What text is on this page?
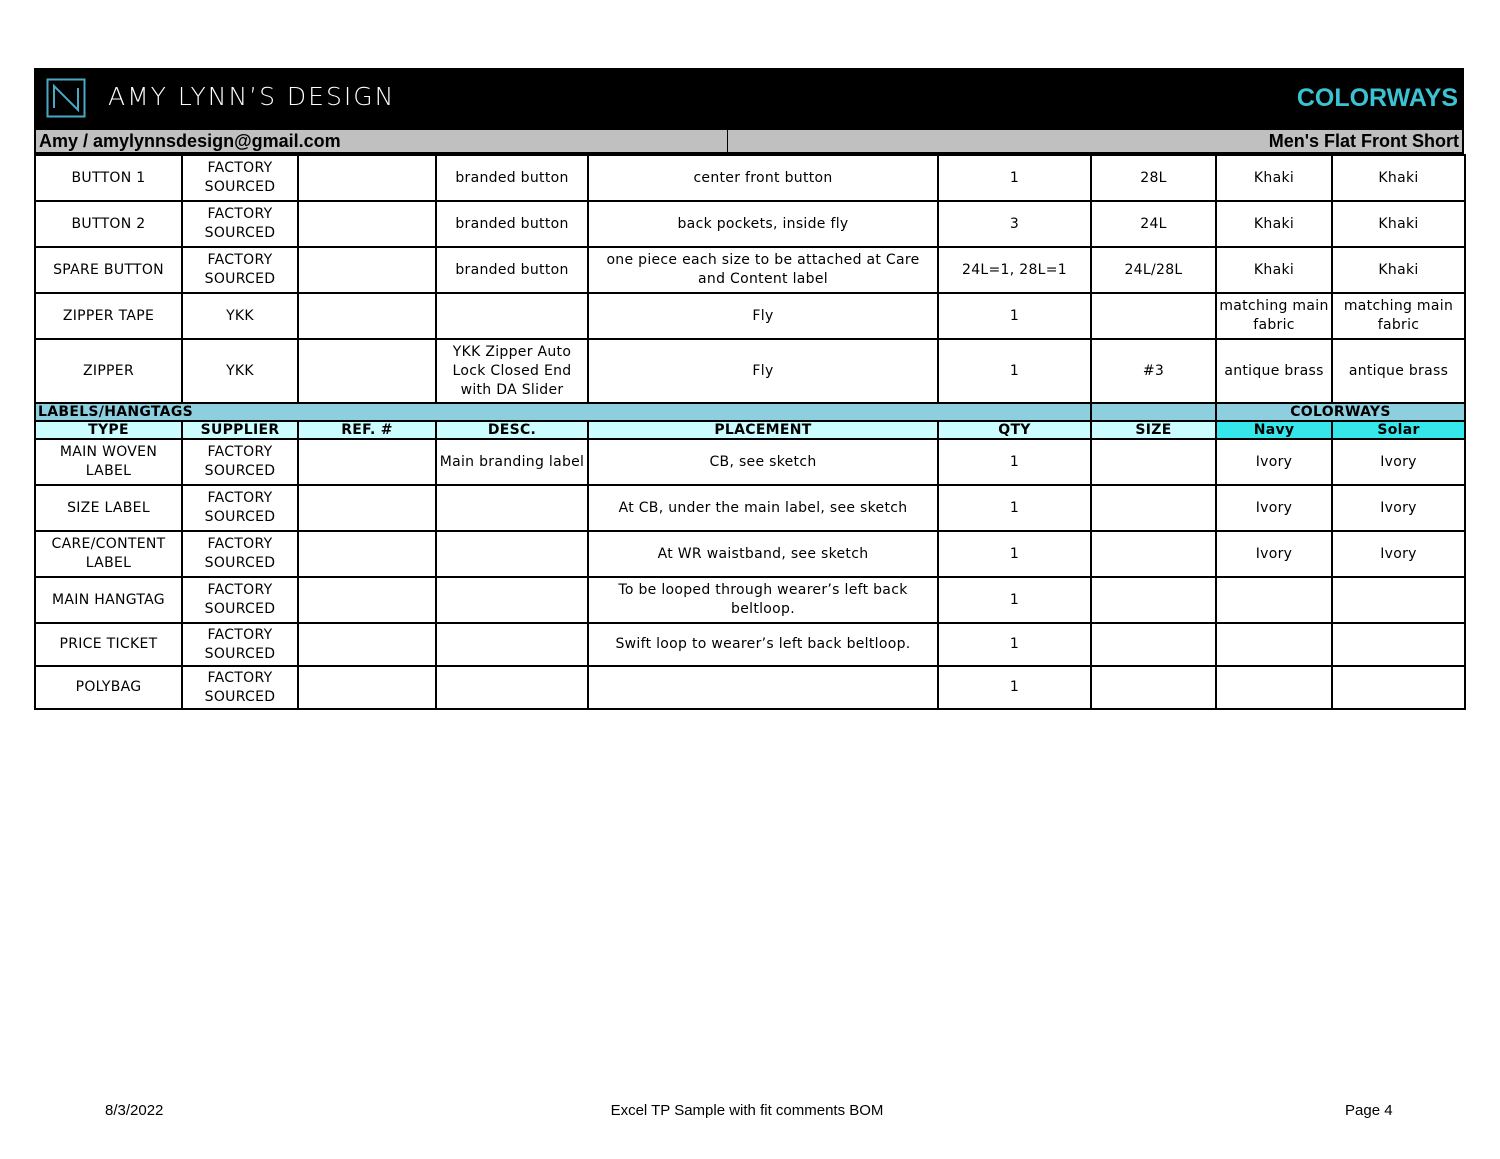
AMY LYNN’S DESIGN	COLORWAYS
Amy / amylynnsdesign@gmail.com	Men's Flat Front Short
BUTTON 1	FACTORY SOURCED		branded button	center front button	1	28L	Khaki	Khaki
BUTTON 2	FACTORY SOURCED		branded button	back pockets, inside fly	3	24L	Khaki	Khaki
SPARE BUTTON	FACTORY SOURCED		branded button	one piece each size to be attached at Care and Content label	24L=1, 28L=1	24L/28L	Khaki	Khaki
ZIPPER TAPE	YKK			Fly	1		matching main fabric	matching main fabric
ZIPPER	YKK		YKK Zipper Auto Lock Closed End with DA Slider	Fly	1	#3	antique brass	antique brass
LABELS/HANGTAGS							COLORWAYS	
TYPE	SUPPLIER	REF. #	DESC.	PLACEMENT	QTY	SIZE	Navy	Solar
MAIN WOVEN LABEL	FACTORY SOURCED		Main branding label	CB, see sketch	1		Ivory	Ivory
SIZE LABEL	FACTORY SOURCED			At CB, under the main label, see sketch	1		Ivory	Ivory
CARE/CONTENT LABEL	FACTORY SOURCED			At WR waistband, see sketch	1		Ivory	Ivory
MAIN HANGTAG	FACTORY SOURCED			To be looped through wearer’s left back beltloop.	1			
PRICE TICKET	FACTORY SOURCED			Swift loop to wearer’s left back beltloop.	1			
POLYBAG	FACTORY SOURCED				1			
8/3/2022	Excel TP Sample with fit comments BOM	Page 4
